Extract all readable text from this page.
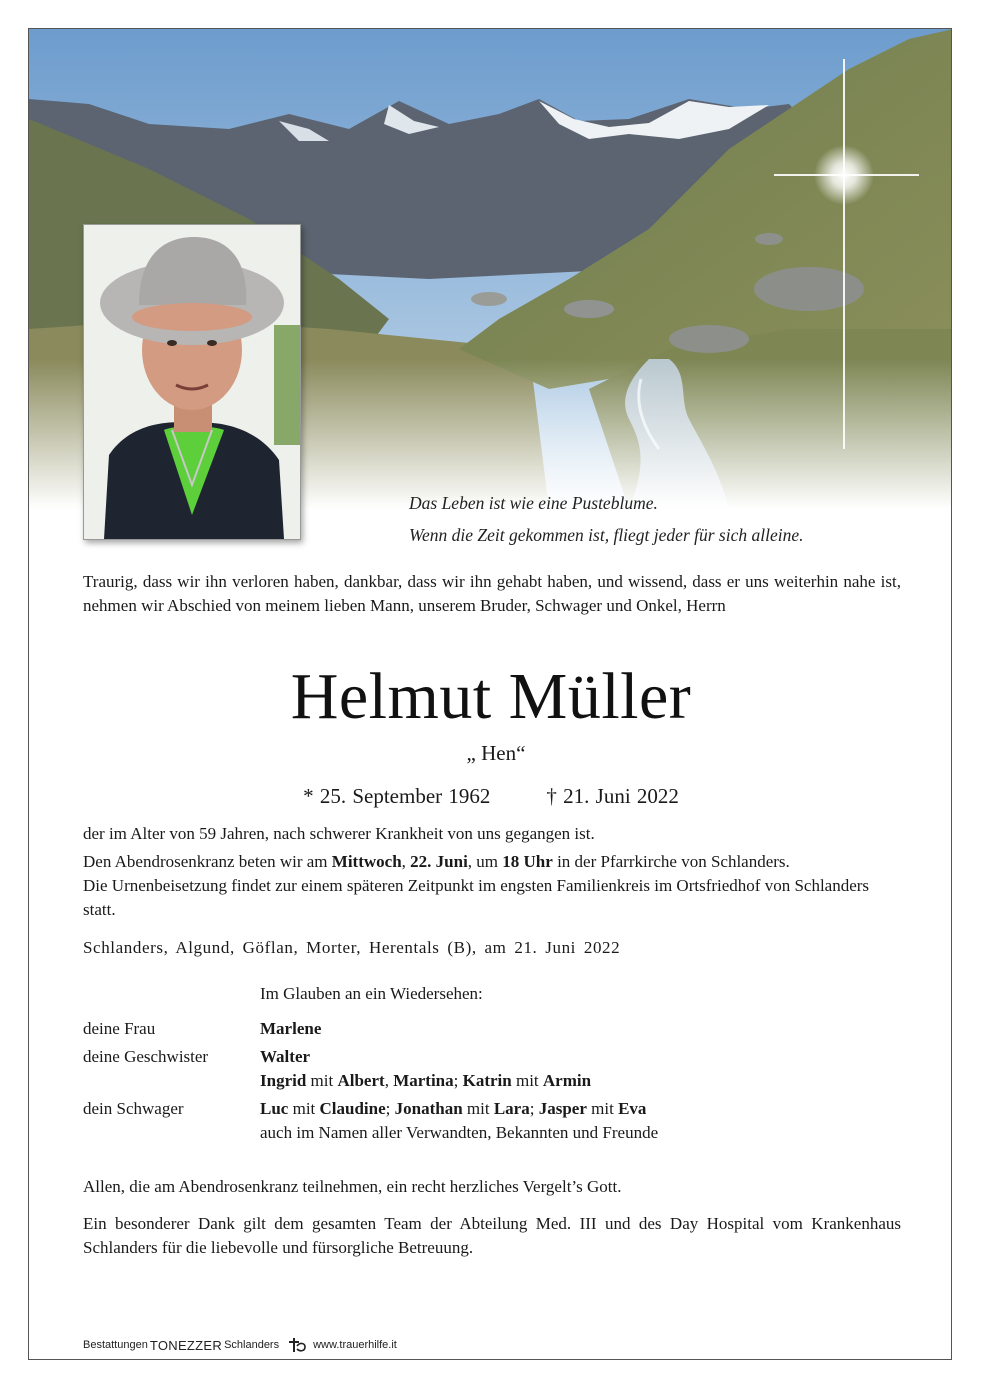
Das Leben ist wie eine Pusteblume.
Wenn die Zeit gekommen ist, fliegt jeder für sich alleine.
Traurig, dass wir ihn verloren haben, dankbar, dass wir ihn gehabt haben, und wissend, dass er uns weiterhin nahe ist, nehmen wir Abschied von meinem lieben Mann, unserem Bruder, Schwager und Onkel, Herrn
Helmut Müller
„ Hen“
* 25. September 1962	† 21. Juni 2022

der im Alter von 59 Jahren, nach schwerer Krankheit von uns gegangen ist.

Den Abendrosenkranz beten wir am Mittwoch, 22. Juni, um 18 Uhr in der Pfarrkirche von Schlanders.

Die Urnenbeisetzung findet zur einem späteren Zeitpunkt im engsten Familienkreis im Ortsfriedhof von Schlanders statt.

Schlanders, Algund, Göflan, Morter, Herentals (B), am 21. Juni 2022
Im Glauben an ein Wiedersehen:
deine Frau	Marlene
deine Geschwister	Walter
Ingrid mit Albert, Martina; Katrin mit Armin
dein Schwager	Luc mit Claudine; Jonathan mit Lara; Jasper mit Eva
auch im Namen aller Verwandten, Bekannten und Freunde
Allen, die am Abendrosenkranz teilnehmen, ein recht herzliches Vergelt’s Gott.
Ein besonderer Dank gilt dem gesamten Team der Abteilung Med. III und des Day Hospital vom Krankenhaus Schlanders für die liebevolle und fürsorgliche Betreuung.
Bestattungen TONEZZER Schlanders	www.trauerhilfe.it
